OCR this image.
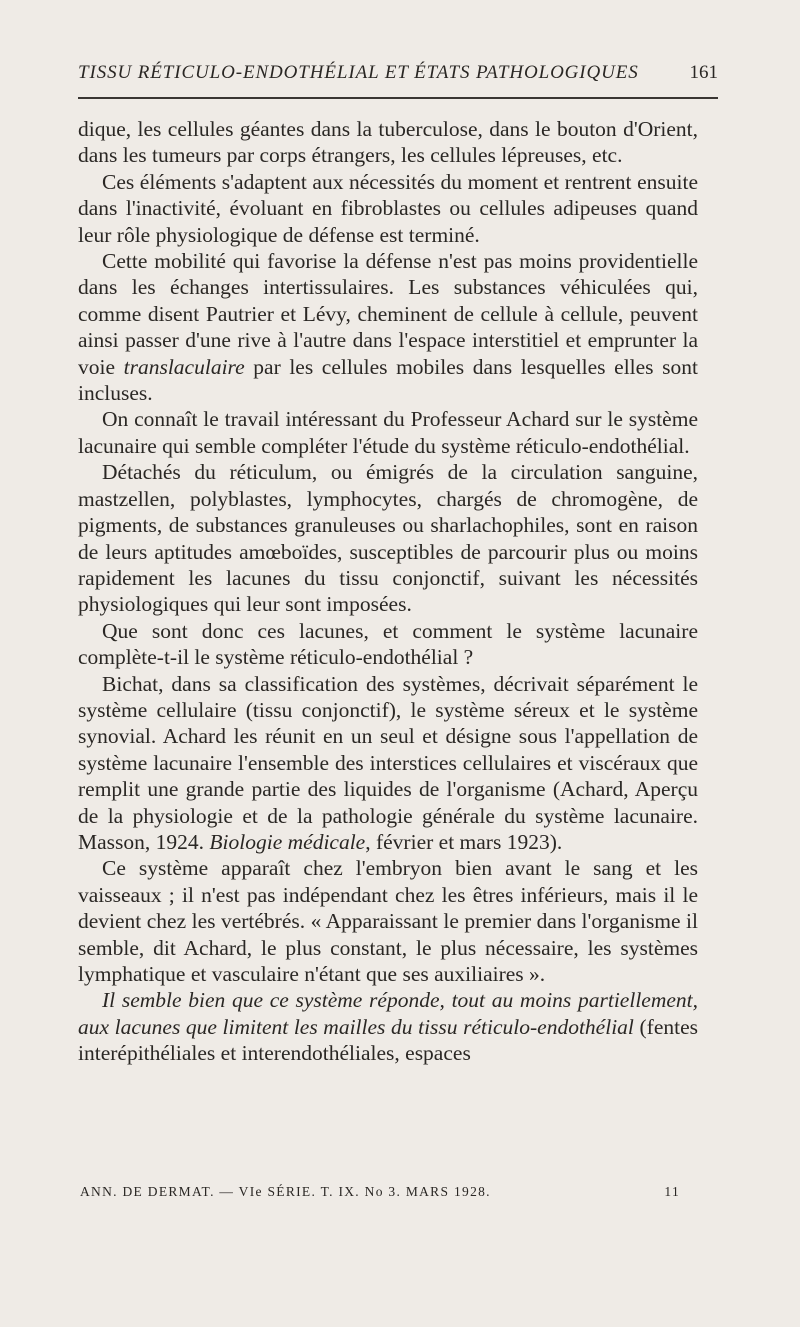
TISSU RÉTICULO-ENDOTHÉLIAL ET ÉTATS PATHOLOGIQUES	161

dique, les cellules géantes dans la tuberculose, dans le bouton d'Orient, dans les tumeurs par corps étrangers, les cellules lépreuses, etc.

Ces éléments s'adaptent aux nécessités du moment et rentrent ensuite dans l'inactivité, évoluant en fibroblastes ou cellules adipeuses quand leur rôle physiologique de défense est terminé.

Cette mobilité qui favorise la défense n'est pas moins providentielle dans les échanges intertissulaires. Les substances véhiculées qui, comme disent Pautrier et Lévy, cheminent de cellule à cellule, peuvent ainsi passer d'une rive à l'autre dans l'espace interstitiel et emprunter la voie translaculaire par les cellules mobiles dans lesquelles elles sont incluses.

On connaît le travail intéressant du Professeur Achard sur le système lacunaire qui semble compléter l'étude du système réticulo-endothélial.

Détachés du réticulum, ou émigrés de la circulation sanguine, mastzellen, polyblastes, lymphocytes, chargés de chromogène, de pigments, de substances granuleuses ou sharlachophiles, sont en raison de leurs aptitudes amœboïdes, susceptibles de parcourir plus ou moins rapidement les lacunes du tissu conjonctif, suivant les nécessités physiologiques qui leur sont imposées.

Que sont donc ces lacunes, et comment le système lacunaire complète-t-il le système réticulo-endothélial ?

Bichat, dans sa classification des systèmes, décrivait séparément le système cellulaire (tissu conjonctif), le système séreux et le système synovial. Achard les réunit en un seul et désigne sous l'appellation de système lacunaire l'ensemble des interstices cellulaires et viscéraux que remplit une grande partie des liquides de l'organisme (Achard, Aperçu de la physiologie et de la pathologie générale du système lacunaire. Masson, 1924. Biologie médicale, février et mars 1923).

Ce système apparaît chez l'embryon bien avant le sang et les vaisseaux ; il n'est pas indépendant chez les êtres inférieurs, mais il le devient chez les vertébrés. « Apparaissant le premier dans l'organisme il semble, dit Achard, le plus constant, le plus nécessaire, les systèmes lymphatique et vasculaire n'étant que ses auxiliaires ».

Il semble bien que ce système réponde, tout au moins partiellement, aux lacunes que limitent les mailles du tissu réticulo-endothélial (fentes interépithéliales et interendothéliales, espaces

ANN. DE DERMAT. — VIe SÉRIE. T. IX. No 3. MARS 1928.	11
